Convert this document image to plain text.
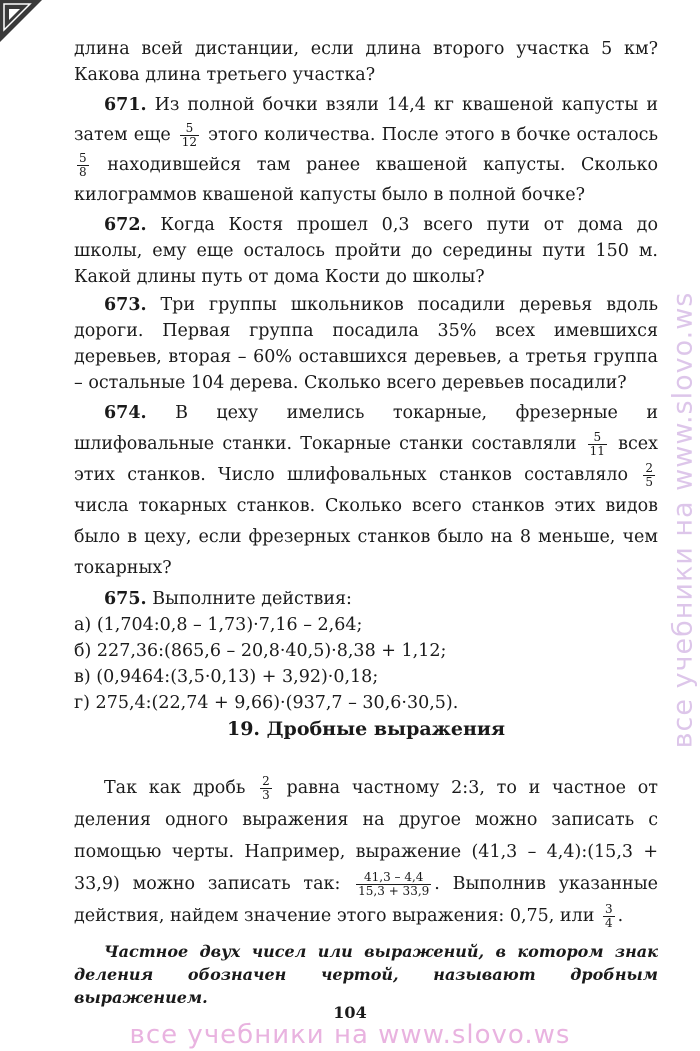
длина всей дистанции, если длина второго участка 5 км? Какова длина третьего участка?

671. Из полной бочки взяли 14,4 кг квашеной капусты и затем еще $\frac{5}{12}$ этого количества. После этого в бочке осталось
$\frac{5}{8}$ находившейся там ранее квашеной капусты. Сколько килограммов квашеной капусты было в полной бочке?

672. Когда Костя прошел 0,3 всего пути от дома до школы, ему еще осталось пройти до середины пути 150 м. Какой длины путь от дома Кости до школы?

673. Три группы школьников посадили деревья вдоль дороги. Первая группа посадила 35% всех имевшихся деревьев, вторая – 60% оставшихся деревьев, а третья группа – остальные 104 дерева. Сколько всего деревьев посадили?

674. В цеху имелись токарные, фрезерные и шлифовальные станки. Токарные станки составляли $\frac{5}{11}$ всех этих станков. Число шлифовальных станков составляло $\frac{2}{5}$
числа токарных станков. Сколько всего станков этих видов было в цеху, если фрезерных станков было на 8 меньше, чем токарных?

675. Выполните действия:

а) (1,704:0,8 – 1,73)·7,16 – 2,64;
б) 227,36:(865,6 – 20,8·40,5)·8,38 + 1,12;
в) (0,9464:(3,5·0,13) + 3,92)·0,18;
г) 275,4:(22,74 + 9,66)·(937,7 – 30,6·30,5).
19. Дробные выражения

Так как дробь $\frac{2}{3}$ равна частному 2:3, то и частное от деления одного выражения на другое можно записать с помощью черты. Например, выражение (41,3 – 4,4):(15,3 + 33,9) можно записать так: $\frac{41,3 - 4,4}{15,3 + 33,9}$ . Выполнив указанные действия, найдем значение этого выражения: 0,75, или $\frac{3}{4}$ .

Частное двух чисел или выражений, в котором знак деления обозначен чертой, называют дробным выражением.

104
все учебники на www.slovo.ws
все учебники на www.slovo.ws
